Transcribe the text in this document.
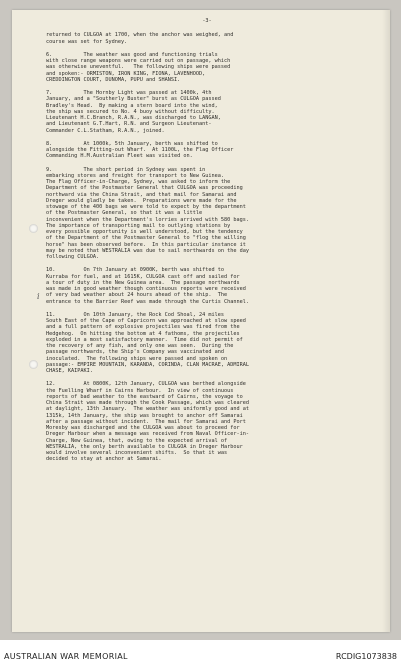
i
-3-
returned to CULGOA at 1700, when the anchor was weighed, and
course was set for Sydney.
6.          The weather was good and functioning trials
with close range weapons were carried out on passage, which
was otherwise uneventful.   The following ships were passed
and spoken:- ORMISTON, IRON KING, FIONA, LAVENHOOD,
CREDDINGTON COURT, DUNOMA, PUPU and SHANSI.
7.          The Hornby Light was passed at 1400k, 4th
January, and a "Southerly Buster" burst as CULGOA passed
Bradley's Head.  By making a stern board into the wind,
the ship was secured to No. 4 buoy without difficulty.
Lieutenant H.C.Branch, R.A.N., was discharged to LANGAN,
and Lieutenant G.T.Hart, R.N. and Surgeon Lieutenant-
Commander C.L.Statham, R.A.N., joined.
8.          At 1000k, 5th January, berth was shifted to
alongside the Fitting-out Wharf.  At 1100L, the Flag Officer
Commanding H.M.Australian Fleet was visited on.
9.          The short period in Sydney was spent in
embarking stores and freight for transport to New Guinea.
The Flag Officer-in-Charge, Sydney, was asked to inform the
Department of the Postmaster General that CULGOA was proceeding
northward via the China Strait, and that mail for Samarai and
Dreger would gladly be taken.  Preparations were made for the
stowage of the 400 bags we were told to expect by the department
of the Postmaster General, so that it was a little
inconvenient when the Department's lorries arrived with 580 bags.
The importance of transporting mail to outlying stations by
every possible opportunity is well understood, but the tendency
of the Department of the Postmaster General to "flog the willing
horse" has been observed before.  In this particular instance it
may be noted that WESTRALIA was due to sail northwards on the day
following CULGOA.
10.         On 7th January at 0900K, berth was shifted to
Kurraba for fuel, and at 1615K, CULGOA cast off and sailed for
a tour of duty in the New Guinea area.  The passage northwards
was made in good weather though continuous reports were received
of very bad weather about 24 hours ahead of the ship.  The
entrance to the Barrier Reef was made through the Curtis Channel.
11.         On 10th January, the Rock Cod Shoal, 24 miles
South East of the Cape of Capricorn was approached at slow speed
and a full pattern of explosive projectiles was fired from the
Hedgehog.  On hitting the bottom at 4 fathoms, the projectiles
exploded in a most satisfactory manner.  Time did not permit of
the recovery of any fish, and only one was seen.  During the
passage northwards, the Ship's Company was vaccinated and
inoculated.  The following ships were passed and spoken on
passage:- EMPIRE MOUNTAIN, KARANDA, CORINDA, CLAN MACRAE, ADMIRAL
CHASE, KAIPAKI.
12.         At 0800K, 12th January, CULGOA was berthed alongside
the Fuelling Wharf in Cairns Harbour.  In view of continuous
reports of bad weather to the eastward of Cairns, the voyage to
China Strait was made through the Cook Passage, which was cleared
at daylight, 13th January.  The weather was uniformly good and at
1315k, 14th January, the ship was brought to anchor off Samarai
after a passage without incident.  The mail for Samarai and Port
Moresby was discharged and the CULGOA was about to proceed for
Dreger Harbour when a message was received from Naval Officer-in-
Charge, New Guinea, that, owing to the expected arrival of
WESTRALIA, the only berth available to CULGOA in Dreger Harbour
would involve several inconvenient shifts.  So that it was
decided to stay at anchor at Samarai.
AUSTRALIAN WAR MEMORIAL	RCDIG1073838
